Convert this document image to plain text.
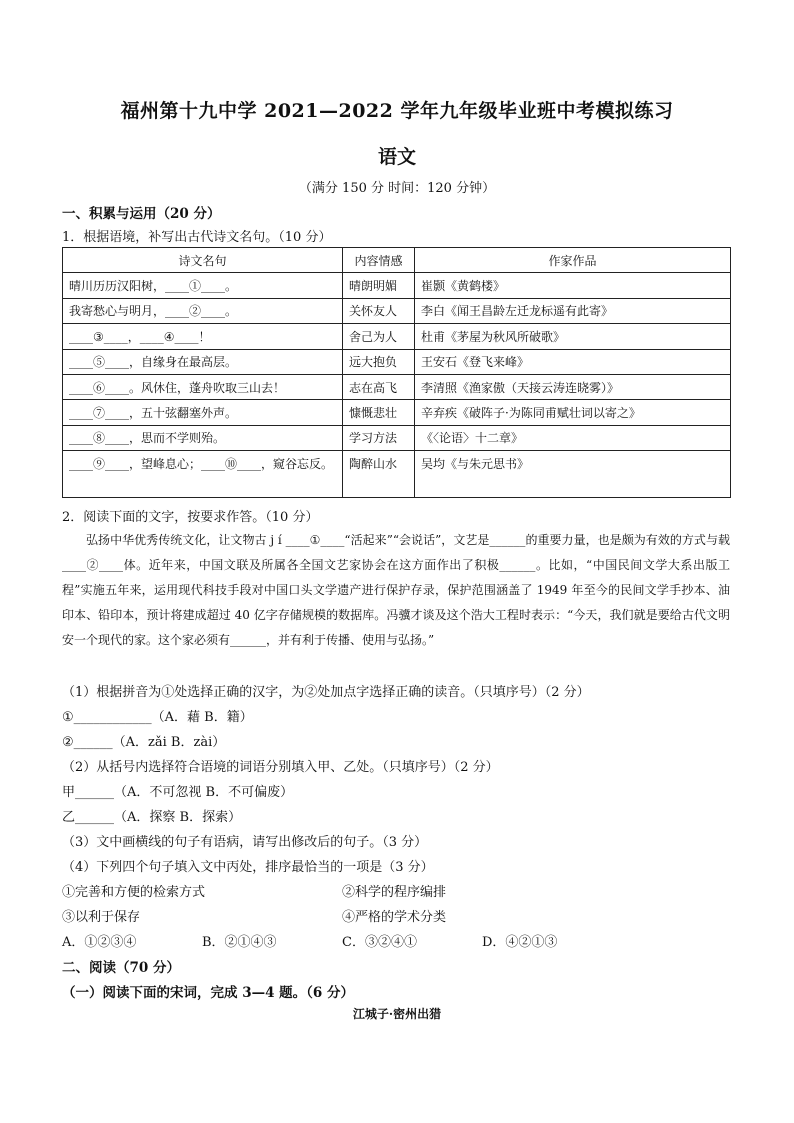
福州第十九中学 2021—2022 学年九年级毕业班中考模拟练习
语文
（满分 150 分 时间：120 分钟）
一、积累与运用（20 分）
1．根据语境，补写出古代诗文名句。（10 分）
诗文名句	内容情感	作家作品
晴川历历汉阳树，____①____。	晴朗明媚	崔颢《黄鹤楼》
我寄愁心与明月，____②____。	关怀友人	李白《闻王昌龄左迁龙标遥有此寄》
____③____，____④____！	舍己为人	杜甫《茅屋为秋风所破歌》
____⑤____，自缘身在最高层。	远大抱负	王安石《登飞来峰》
____⑥____。风休住，蓬舟吹取三山去！	志在高飞	李清照《渔家傲（天接云涛连晓雾）》
____⑦____，五十弦翻塞外声。	慷慨悲壮	辛弃疾《破阵子·为陈同甫赋壮词以寄之》
____⑧____，思而不学则殆。	学习方法	《〈论语〉十二章》
____⑨____，望峰息心；____⑩____，窥谷忘反。	陶醉山水	吴均《与朱元思书》
2．阅读下面的文字，按要求作答。（10 分）

弘扬中华优秀传统文化，让文物古 j í ____①____“活起来”“会说话”，文艺是______的重要力量，也是颇为有效的方式与载____②____体。近年来，中国文联及所属各全国文艺家协会在这方面作出了积极______。比如，“中国民间文学大系出版工程”实施五年来，运用现代科技手段对中国口头文学遗产进行保护存录，保护范围涵盖了 1949 年至今的民间文学手抄本、油印本、铅印本，预计将建成超过 40 亿字存储规模的数据库。冯骥才谈及这个浩大工程时表示：“今天，我们就是要给古代文明安一个现代的家。这个家必须有______，并有利于传播、使用与弘扬。”

（1）根据拼音为①处选择正确的汉字，为②处加点字选择正确的读音。（只填序号）（2 分）
①____________（A．藉 B．籍）
②______（A．zǎi B．zài）
（2）从括号内选择符合语境的词语分别填入甲、乙处。（只填序号）（2 分）
甲______（A．不可忽视 B．不可偏废）
乙______（A．探察 B．探索）
（3）文中画横线的句子有语病，请写出修改后的句子。（3 分）
（4）下列四个句子填入文中丙处，排序最恰当的一项是（3 分）
①完善和方便的检索方式	②科学的程序编排
③以利于保存	④严格的学术分类
A．①②③④	B．②①④③	C．③②④①	D．④②①③
二、阅读（70 分）
（一）阅读下面的宋词，完成 3—4 题。（6 分）
江城子·密州出猎
